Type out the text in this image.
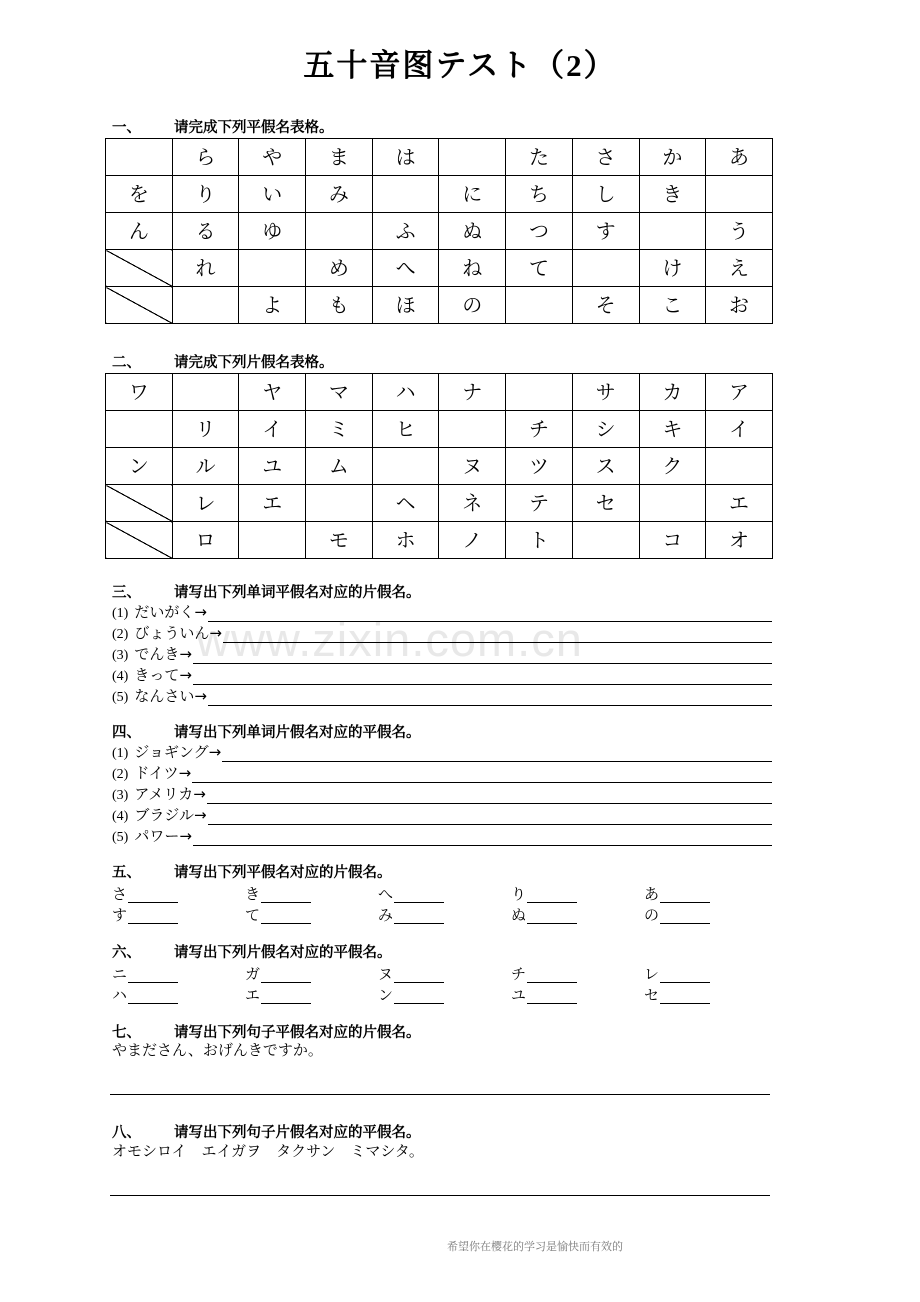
www.zixin.com.cn
五十音图テスト（2）
一、 请完成下列平假名表格。
	ら	や	ま	は		た	さ	か	あ
を	り	い	み		に	ち	し	き	
ん	る	ゆ		ふ	ぬ	つ	す		う
	れ		め	へ	ね	て		け	え
		よ	も	ほ	の		そ	こ	お
二、 请完成下列片假名表格。
ワ		ヤ	マ	ハ	ナ		サ	カ	ア
	リ	イ	ミ	ヒ		チ	シ	キ	イ
ン	ル	ユ	ム		ヌ	ツ	ス	ク	
	レ	エ		ヘ	ネ	テ	セ		エ
	ロ		モ	ホ	ノ	ト		コ	オ
三、 请写出下列单词平假名对应的片假名。
(1) だいがく→
(2) びょういん→
(3) でんき→
(4) きって→
(5) なんさい→
四、 请写出下列单词片假名对应的平假名。
(1) ジョギング→
(2) ドイツ→
(3) アメリカ→
(4) ブラジル→
(5) パワー→
五、 请写出下列平假名对应的片假名。
さ	き	へ	り	あ
す	て	み	ぬ	の
六、 请写出下列片假名对应的平假名。
ニ	ガ	ヌ	チ	レ
ハ	エ	ン	ユ	セ
七、 请写出下列句子平假名对应的片假名。
やまださん、おげんきですか。
八、 请写出下列句子片假名对应的平假名。
オモシロイ　エイガヲ　タクサン　ミマシタ。
希望你在樱花的学习是愉快而有效的
